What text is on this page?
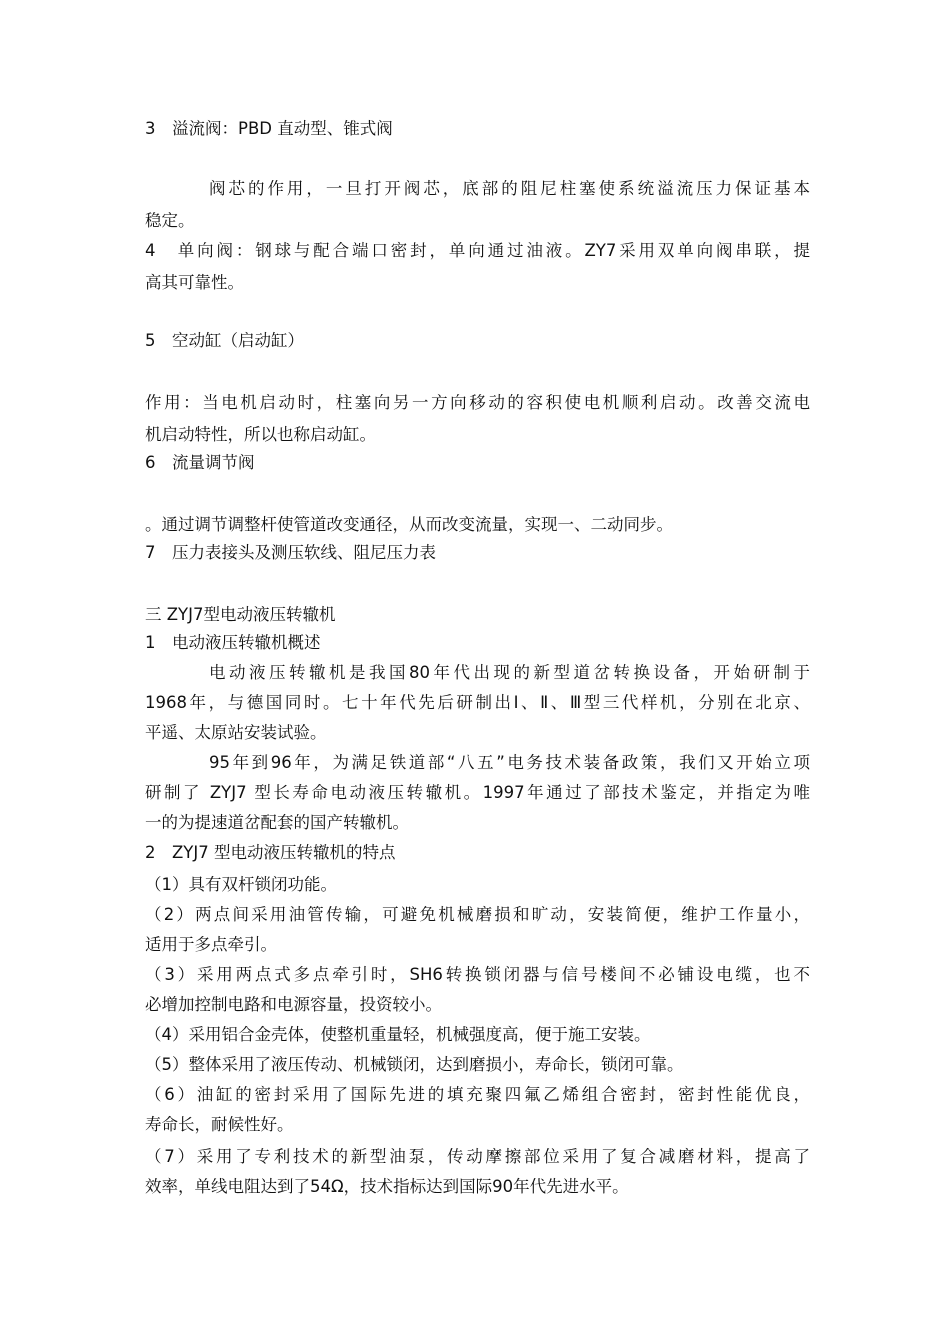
3　溢流阀：PBD 直动型、锥式阀
阀芯的作用，一旦打开阀芯，底部的阻尼柱塞使系统溢流压力保证基本
稳定。
4　单向阀：钢球与配合端口密封，单向通过油液。ZY7采用双单向阀串联，提
高其可靠性。
5　空动缸（启动缸）
作用：当电机启动时，柱塞向另一方向移动的容积使电机顺利启动。改善交流电
机启动特性，所以也称启动缸。
6　流量调节阀
。通过调节调整杆使管道改变通径，从而改变流量，实现一、二动同步。
7　压力表接头及测压软线、阻尼压力表
三 ZYJ7型电动液压转辙机
1　电动液压转辙机概述
电动液压转辙机是我国80年代出现的新型道岔转换设备，开始研制于
1968年，与德国同时。七十年代先后研制出Ⅰ、Ⅱ、Ⅲ型三代样机，分别在北京、
平遥、太原站安装试验。
95年到96年，为满足铁道部“八五”电务技术装备政策，我们又开始立项
研制了 ZYJ7 型长寿命电动液压转辙机。1997年通过了部技术鉴定，并指定为唯
一的为提速道岔配套的国产转辙机。
2　ZYJ7 型电动液压转辙机的特点
（1）具有双杆锁闭功能。
（2）两点间采用油管传输，可避免机械磨损和旷动，安装简便，维护工作量小，
适用于多点牵引。
（3）采用两点式多点牵引时，SH6转换锁闭器与信号楼间不必铺设电缆，也不
必增加控制电路和电源容量，投资较小。
（4）采用铝合金壳体，使整机重量轻，机械强度高，便于施工安装。
（5）整体采用了液压传动、机械锁闭，达到磨损小，寿命长，锁闭可靠。
（6）油缸的密封采用了国际先进的填充聚四氟乙烯组合密封，密封性能优良，
寿命长，耐候性好。
（7）采用了专利技术的新型油泵，传动摩擦部位采用了复合减磨材料，提高了
效率，单线电阻达到了54Ω，技术指标达到国际90年代先进水平。
